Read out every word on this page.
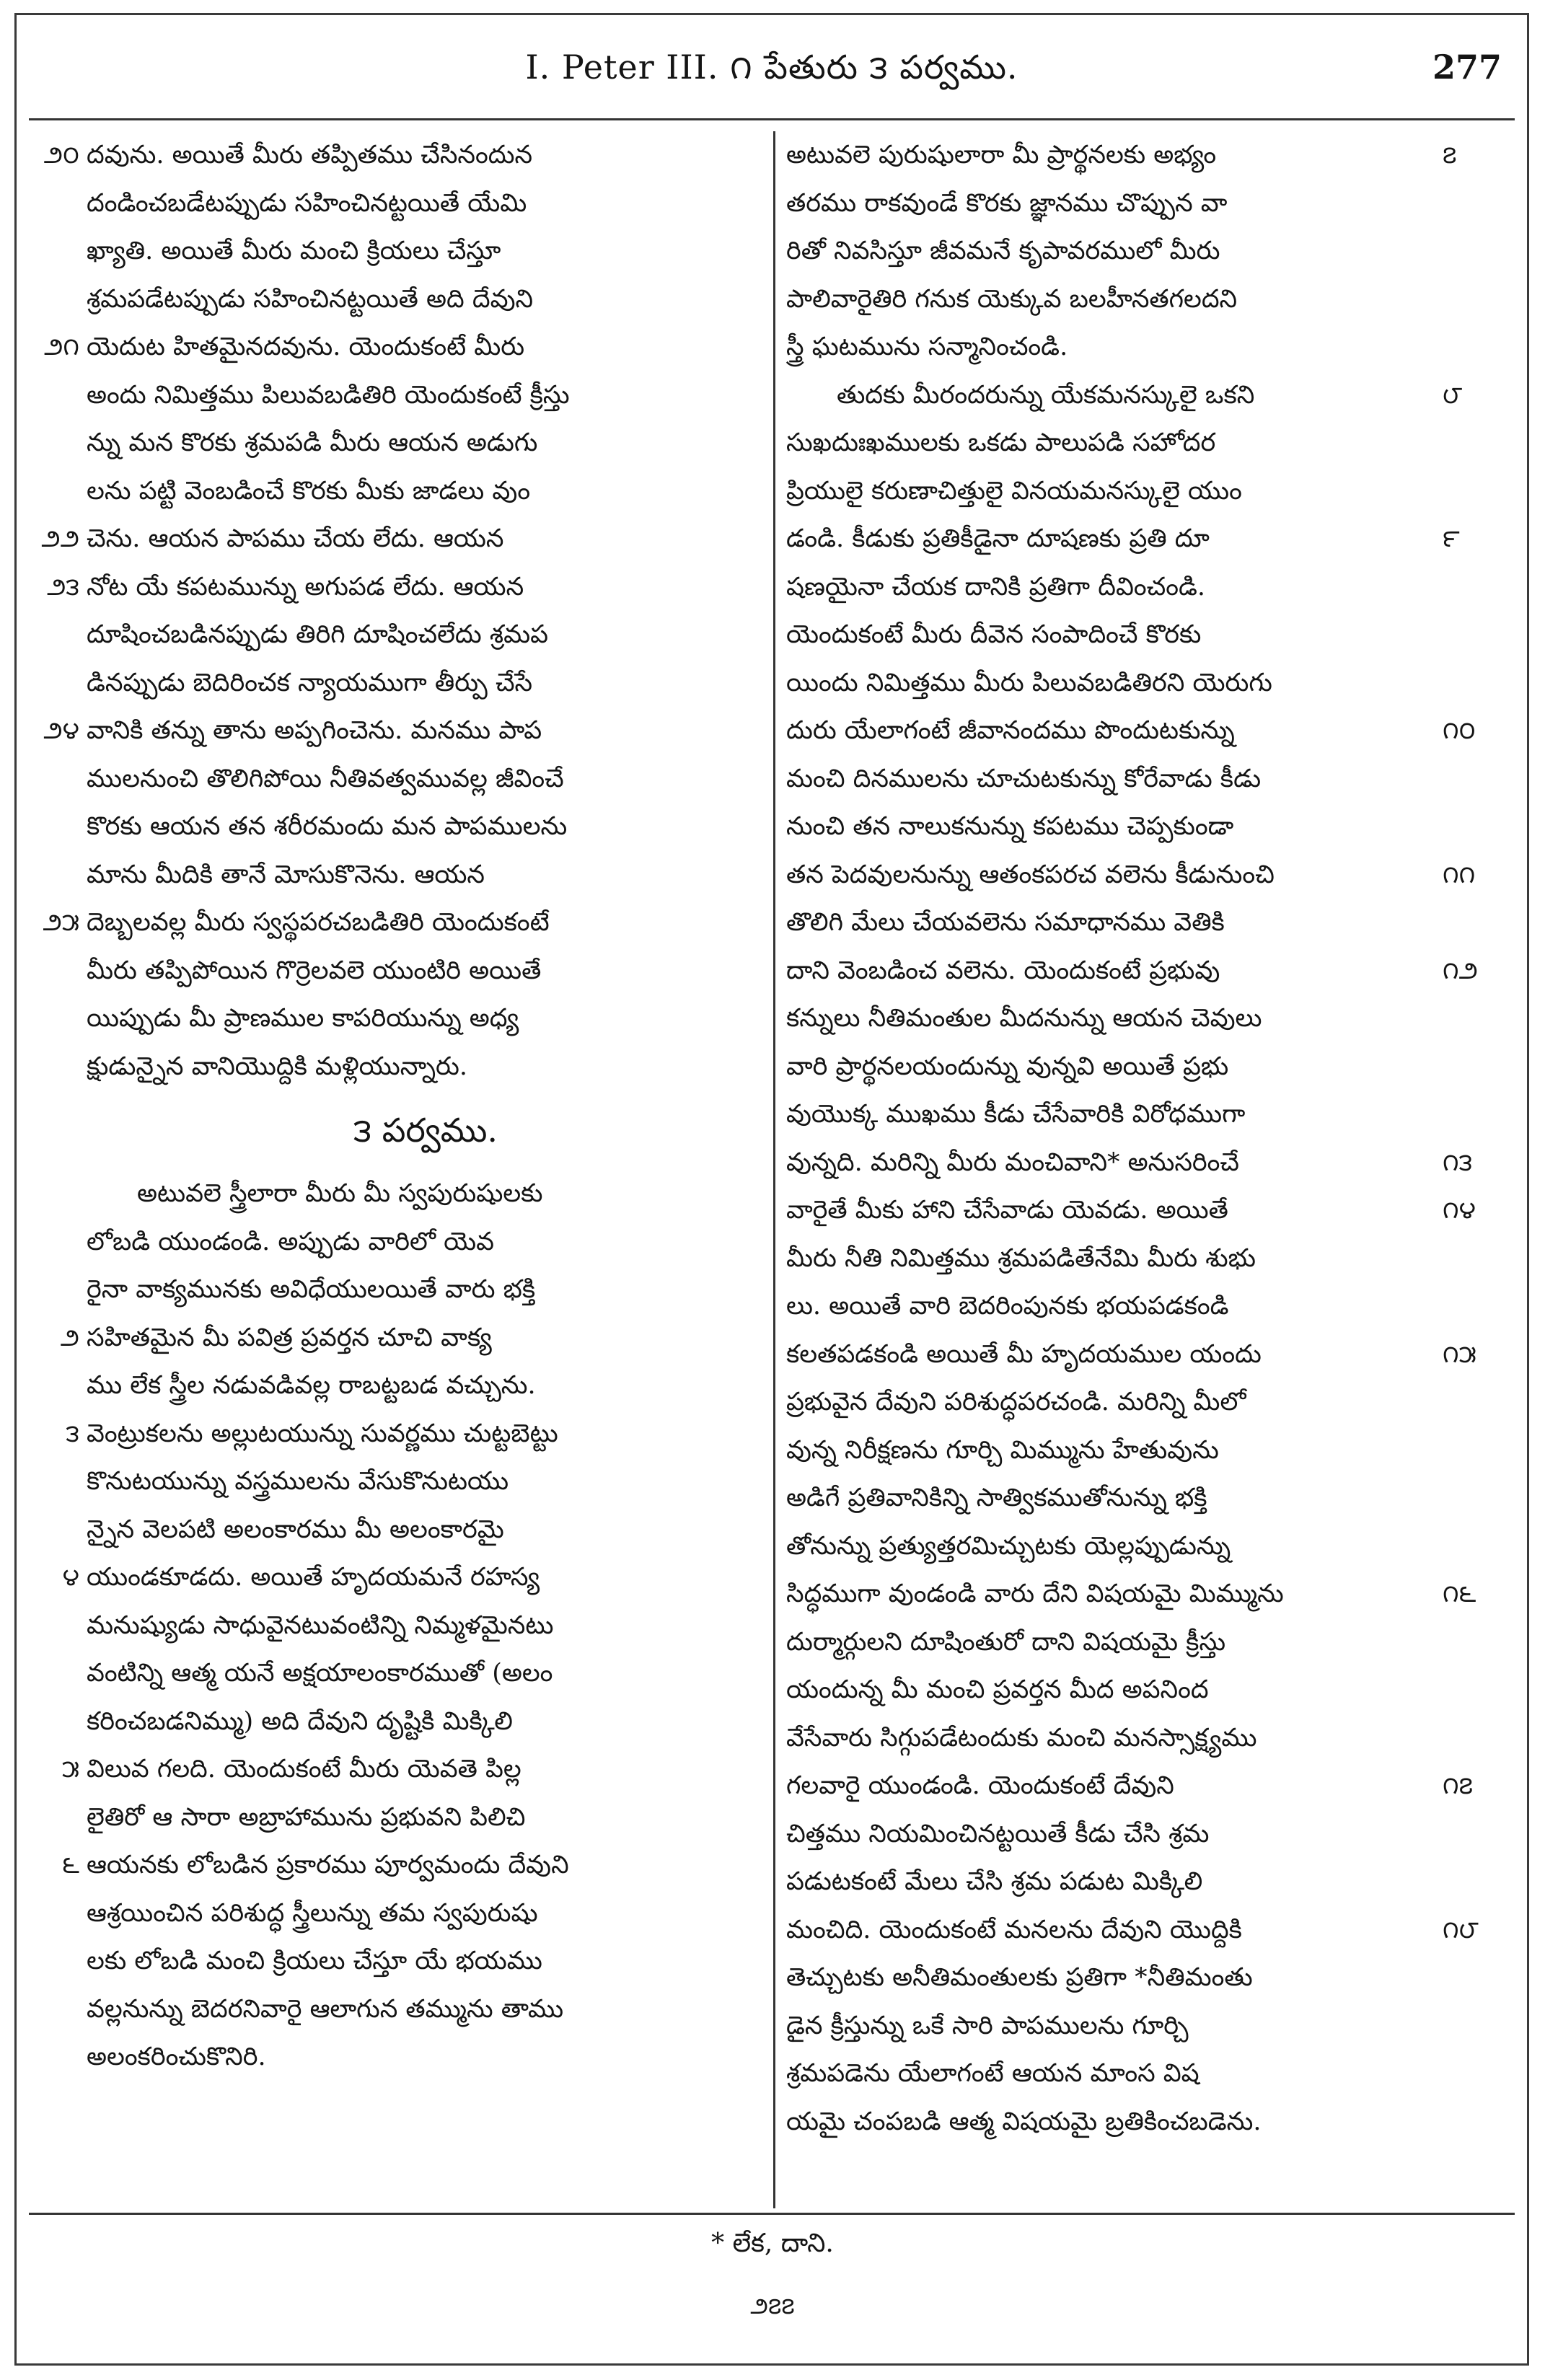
I. Peter III. ౧ పేతురు ౩ పర్వము.	277
౨౦ దవును. అయితే మీరు తప్పితము చేసినందున
దండించబడేటప్పుడు సహించినట్టయితే యేమి
ఖ్యాతి. అయితే మీరు మంచి క్రియలు చేస్తూ
శ్రమపడేటప్పుడు సహించినట్టయితే అది దేవుని
౨౧ యెదుట హితమైనదవును. యెందుకంటే మీరు
అందు నిమిత్తము పిలువబడితిరి యెందుకంటే క్రీస్తు
న్ను మన కొరకు శ్రమపడి మీరు ఆయన అడుగు
లను పట్టి వెంబడించే కొరకు మీకు జాడలు వుం
౨౨ చెను. ఆయన పాపము చేయ లేదు. ఆయన
౨౩ నోట యే కపటమున్ను అగుపడ లేదు. ఆయన
దూషించబడినప్పుడు తిరిగి దూషించలేదు శ్రమప
డినప్పుడు బెదిరించక న్యాయముగా తీర్పు చేసే
౨౪ వానికి తన్ను తాను అప్పగించెను. మనము పాప
ములనుంచి తొలిగిపోయి నీతివత్వమువల్ల జీవించే
కొరకు ఆయన తన శరీరమందు మన పాపములను
మాను మీదికి తానే మోసుకొనెను. ఆయన
౨౫ దెబ్బలవల్ల మీరు స్వస్థపరచబడితిరి యెందుకంటే
మీరు తప్పిపోయిన గొర్రెలవలె యుంటిరి అయితే
యిప్పుడు మీ ప్రాణముల కాపరియున్ను అధ్య
క్షుడున్నైన వానియొద్దికి మళ్లియున్నారు.
౩ పర్వము.
అటువలె స్త్రీలారా మీరు మీ స్వపురుషులకు
లోబడి యుండండి. అప్పుడు వారిలో యెవ
రైనా వాక్యమునకు అవిధేయులయితే వారు భక్తి
౨ సహితమైన మీ పవిత్ర ప్రవర్తన చూచి వాక్య
ము లేక స్త్రీల నడువడివల్ల రాబట్టబడ వచ్చును.
౩ వెంట్రుకలను అల్లుటయున్ను సువర్ణము చుట్టబెట్టు
కొనుటయున్ను వస్త్రములను వేసుకొనుటయు
న్నైన వెలపటి అలంకారము మీ అలంకారమై
౪ యుండకూడదు. అయితే హృదయమనే రహస్య
మనుష్యుడు సాధువైనటువంటిన్ని నిమ్మళమైనటు
వంటిన్ని ఆత్మ యనే అక్షయాలంకారముతో (అలం
కరించబడనిమ్ము) అది దేవుని దృష్టికి మిక్కిలి
౫ విలువ గలది. యెందుకంటే మీరు యెవతె పిల్ల
లైతిరో ఆ సారా అబ్రాహామును ప్రభువని పిలిచి
౬ ఆయనకు లోబడిన ప్రకారము పూర్వమందు దేవుని
ఆశ్రయించిన పరిశుద్ధ స్త్రీలున్ను తమ స్వపురుషు
లకు లోబడి మంచి క్రియలు చేస్తూ యే భయము
వల్లనున్ను బెదరనివారై ఆలాగున తమ్మును తాము
అలంకరించుకొనిరి.
౭
అటువలె పురుషులారా మీ ప్రార్థనలకు అభ్యం
తరము రాకవుండే కొరకు జ్ఞానము చొప్పున వా
రితో నివసిస్తూ జీవమనే కృపావరములో మీరు
పాలివారైతిరి గనుక యెక్కువ బలహీనతగలదని
స్త్రీ ఘటమును సన్మానించండి.
౮
తుదకు మీరందరున్ను యేకమనస్కులై ఒకని
సుఖదుఃఖములకు ఒకడు పాలుపడి సహోదర
ప్రియులై కరుణాచిత్తులై వినయమనస్కులై యుం
౯
డండి. కీడుకు ప్రతికీడైనా దూషణకు ప్రతి దూ
షణయైనా చేయక దానికి ప్రతిగా దీవించండి.
యెందుకంటే మీరు దీవెన సంపాదించే కొరకు
యిందు నిమిత్తము మీరు పిలువబడితిరని యెరుగు
౧౦
దురు యేలాగంటే జీవానందము పొందుటకున్ను
మంచి దినములను చూచుటకున్ను కోరేవాడు కీడు
నుంచి తన నాలుకనున్ను కపటము చెప్పకుండా
౧౧
తన పెదవులనున్ను ఆతంకపరచ వలెను కీడునుంచి
తొలిగి మేలు చేయవలెను సమాధానము వెతికి
౧౨
దాని వెంబడించ వలెను. యెందుకంటే ప్రభువు
కన్నులు నీతిమంతుల మీదనున్ను ఆయన చెవులు
వారి ప్రార్థనలయందున్ను వున్నవి అయితే ప్రభు
వుయొక్క ముఖము కీడు చేసేవారికి విరోధముగా
౧౩
వున్నది. మరిన్ని మీరు మంచివాని* అనుసరించే
౧౪
వారైతే మీకు హాని చేసేవాడు యెవడు. అయితే
మీరు నీతి నిమిత్తము శ్రమపడితేనేమి మీరు శుభు
లు. అయితే వారి బెదరింపునకు భయపడకండి
౧౫
కలతపడకండి అయితే మీ హృదయముల యందు
ప్రభువైన దేవుని పరిశుద్ధపరచండి. మరిన్ని మీలో
వున్న నిరీక్షణను గూర్చి మిమ్మును హేతువును
అడిగే ప్రతివానికిన్ని సాత్వికముతోనున్ను భక్తి
తోనున్ను ప్రత్యుత్తరమిచ్చుటకు యెల్లప్పుడున్ను
౧౬
సిద్ధముగా వుండండి వారు దేని విషయమై మిమ్మును
దుర్మార్గులని దూషింతురో దాని విషయమై క్రీస్తు
యందున్న మీ మంచి ప్రవర్తన మీద అపనింద
వేసేవారు సిగ్గుపడేటందుకు మంచి మనస్సాక్ష్యము
౧౭
గలవారై యుండండి. యెందుకంటే దేవుని
చిత్తము నియమించినట్టయితే కీడు చేసి శ్రమ
పడుటకంటే మేలు చేసి శ్రమ పడుట మిక్కిలి
౧౮
మంచిది. యెందుకంటే మనలను దేవుని యొద్దికి
తెచ్చుటకు అనీతిమంతులకు ప్రతిగా *నీతిమంతు
డైన క్రీస్తున్ను ఒకే సారి పాపములను గూర్చి
శ్రమపడెను యేలాగంటే ఆయన మాంస విష
యమై చంపబడి ఆత్మ విషయమై బ్రతికించబడెను.
* లేక, దాని.
౨౭౭
